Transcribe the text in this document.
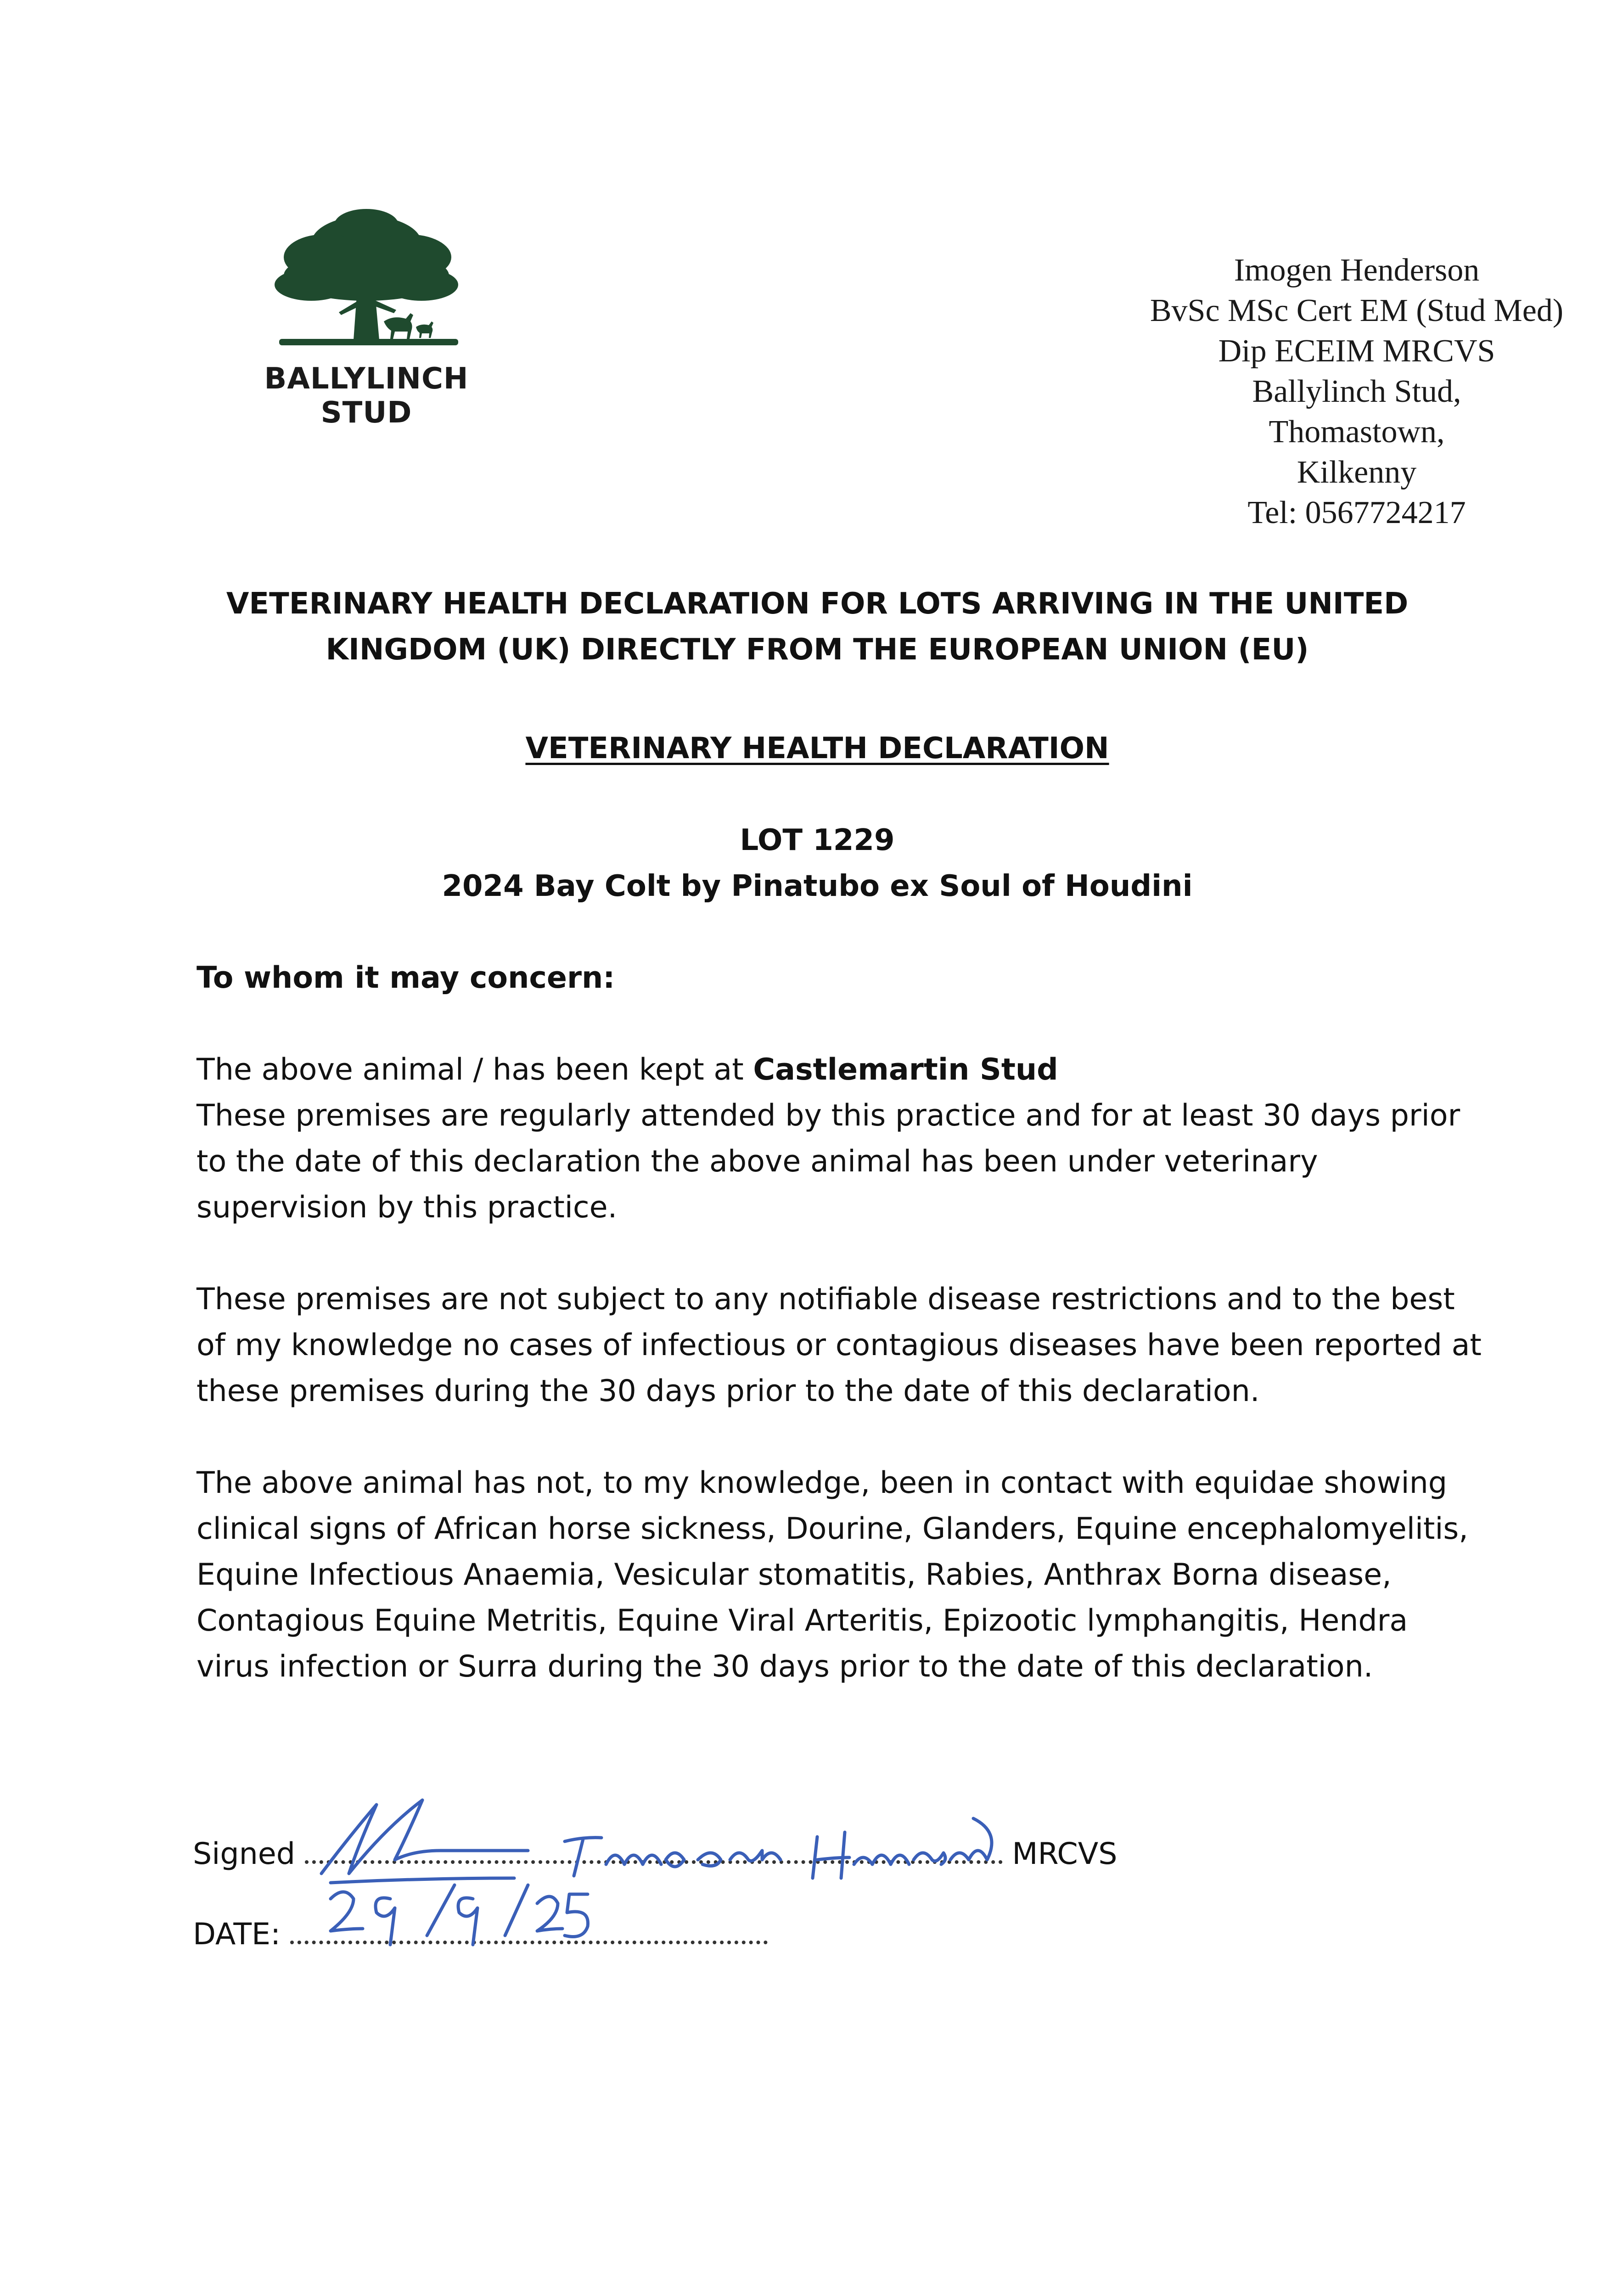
BALLYLINCH
STUD
Imogen Henderson
BvSc MSc Cert EM (Stud Med)
Dip ECEIM MRCVS
Ballylinch Stud,
Thomastown,
Kilkenny
Tel: 0567724217
VETERINARY HEALTH DECLARATION FOR LOTS ARRIVING IN THE UNITED
KINGDOM (UK) DIRECTLY FROM THE EUROPEAN UNION (EU)
VETERINARY HEALTH DECLARATION
LOT 1229
2024 Bay Colt by Pinatubo ex Soul of Houdini

To whom it may concern:

The above animal / has been kept at Castlemartin Stud
These premises are regularly attended by this practice and for at least 30 days prior to the date of this declaration the above animal has been under veterinary supervision by this practice.

These premises are not subject to any notifiable disease restrictions and to the best of my knowledge no cases of infectious or contagious diseases have been reported at these premises during the 30 days prior to the date of this declaration.

The above animal has not, to my knowledge, been in contact with equidae showing clinical signs of African horse sickness, Dourine, Glanders, Equine encephalomyelitis, Equine Infectious Anaemia, Vesicular stomatitis, Rabies, Anthrax Borna disease, Contagious Equine Metritis, Equine Viral Arteritis, Epizootic lymphangitis, Hendra virus infection or Surra during the 30 days prior to the date of this declaration.

Signed	MRCVS
DATE:
